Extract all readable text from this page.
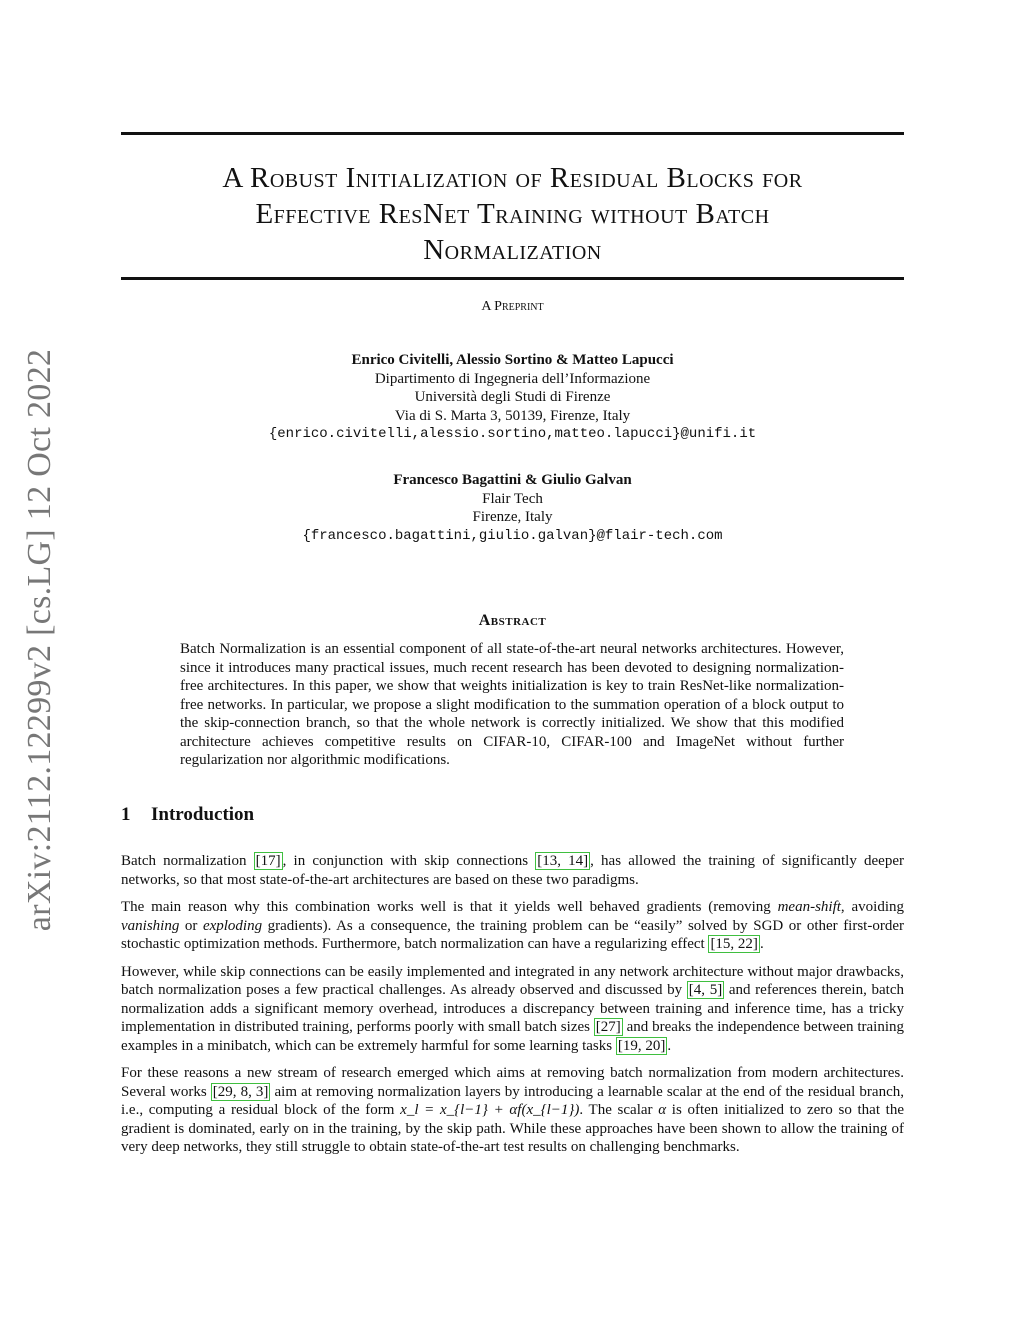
arXiv:2112.12299v2 [cs.LG] 12 Oct 2022
A Robust Initialization of Residual Blocks for
Effective ResNet Training without Batch
Normalization
A Preprint
Enrico Civitelli, Alessio Sortino & Matteo Lapucci
Dipartimento di Ingegneria dell’Informazione
Università degli Studi di Firenze
Via di S. Marta 3, 50139, Firenze, Italy
{enrico.civitelli,alessio.sortino,matteo.lapucci}@unifi.it
Francesco Bagattini & Giulio Galvan
Flair Tech
Firenze, Italy
{francesco.bagattini,giulio.galvan}@flair-tech.com
Abstract

Batch Normalization is an essential component of all state-of-the-art neural networks architectures. However, since it introduces many practical issues, much recent research has been devoted to designing normalization-free architectures. In this paper, we show that weights initialization is key to train ResNet-like normalization-free networks. In particular, we propose a slight modification to the summation operation of a block output to the skip-connection branch, so that the whole network is correctly initialized. We show that this modified architecture achieves competitive results on CIFAR-10, CIFAR-100 and ImageNet without further regularization nor algorithmic modifications.

1 Introduction

Batch normalization [17] , in conjunction with skip connections [13, 14] , has allowed the training of significantly deeper networks, so that most state-of-the-art architectures are based on these two paradigms.

The main reason why this combination works well is that it yields well behaved gradients (removing mean-shift, avoiding vanishing or exploding gradients). As a consequence, the training problem can be “easily” solved by SGD or other first-order stochastic optimization methods. Furthermore, batch normalization can have a regularizing effect [15, 22] .

However, while skip connections can be easily implemented and integrated in any network architecture without major drawbacks, batch normalization poses a few practical challenges. As already observed and discussed by [4, 5] and references therein, batch normalization adds a significant memory overhead, introduces a discrepancy between training and inference time, has a tricky implementation in distributed training, performs poorly with small batch sizes [27] and breaks the independence between training examples in a minibatch, which can be extremely harmful for some learning tasks [19, 20] .

For these reasons a new stream of research emerged which aims at removing batch normalization from modern architectures. Several works [29, 8, 3] aim at removing normalization layers by introducing a learnable scalar at the end of the residual branch, i.e., computing a residual block of the form x_l = x_{l−1} + αf(x_{l−1}). The scalar α is often initialized to zero so that the gradient is dominated, early on in the training, by the skip path. While these approaches have been shown to allow the training of very deep networks, they still struggle to obtain state-of-the-art test results on challenging benchmarks.
